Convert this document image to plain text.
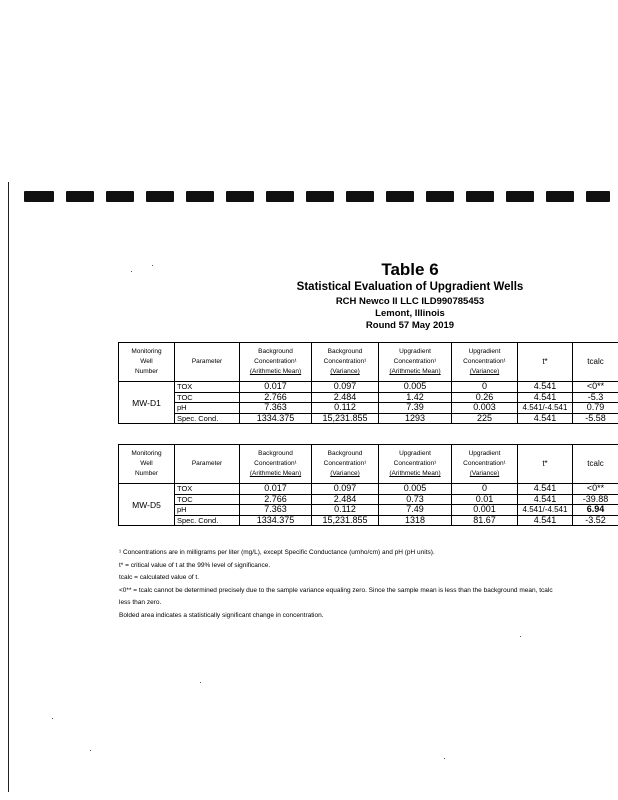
Table 6
Statistical Evaluation of Upgradient Wells
RCH Newco II LLC ILD990785453
Lemont, Illinois
Round 57 May 2019
Monitoring
Well
Number	Parameter	Background
Concentration¹
(Arithmetic Mean)	Background
Concentration¹
(Variance)	Upgradient
Concentration¹
(Arithmetic Mean)	Upgradient
Concentration¹
(Variance)	t*	tcalc
MW-D1	TOX	0.017	0.097	0.005	0	4.541	<0**
	TOC	2.766	2.484	1.42	0.26	4.541	-5.3
	pH	7.363	0.112	7.39	0.003	4.541/-4.541	0.79
	Spec. Cond.	1334.375	15,231.855	1293	225	4.541	-5.58
Monitoring
Well
Number	Parameter	Background
Concentration¹
(Arithmetic Mean)	Background
Concentration¹
(Variance)	Upgradient
Concentration¹
(Arithmetic Mean)	Upgradient
Concentration¹
(Variance)	t*	tcalc
MW-D5	TOX	0.017	0.097	0.005	0	4.541	<0**
	TOC	2.766	2.484	0.73	0.01	4.541	-39.88
	pH	7.363	0.112	7.49	0.001	4.541/-4.541	6.94
	Spec. Cond.	1334.375	15,231.855	1318	81.67	4.541	-3.52
¹ Concentrations are in milligrams per liter (mg/L), except Specific Conductance (umho/cm) and pH (pH units).
t* = critical value of t at the 99% level of significance.
tcalc = calculated value of t.
<0** = tcalc cannot be determined precisely due to the sample variance equaling zero. Since the sample mean is less than the background mean, tcalc
less than zero.
Bolded area indicates a statistically significant change in concentration.
